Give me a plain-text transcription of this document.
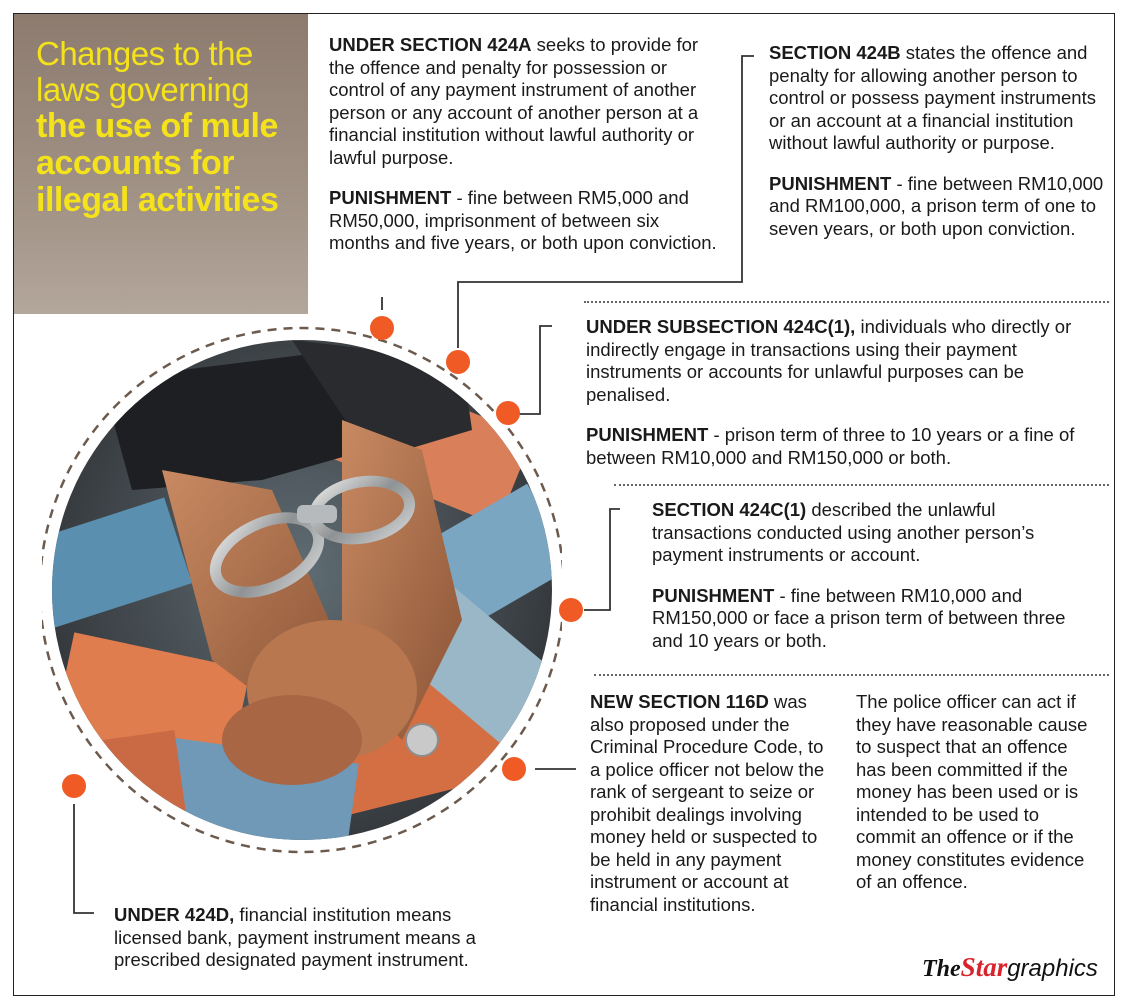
Changes to the laws governing
the use of mule accounts for illegal activities

UNDER SECTION 424A seeks to provide for the offence and penalty for possession or control of any payment instrument of another person or any account of another person at a financial institution without lawful authority or lawful purpose.

PUNISHMENT - fine between RM5,000 and RM50,000, imprisonment of between six months and five years, or both upon conviction.

SECTION 424B states the offence and penalty for allowing another person to control or possess payment instruments or an account at a financial institution without lawful authority or purpose.

PUNISHMENT - fine between RM10,000 and RM100,000, a prison term of one to seven years, or both upon conviction.

UNDER SUBSECTION 424C(1), individuals who directly or indirectly engage in transactions using their payment instruments or accounts for unlawful purposes can be penalised.

PUNISHMENT - prison term of three to 10 years or a fine of between RM10,000 and RM150,000 or both.

SECTION 424C(1) described the unlawful transactions conducted using another person’s payment instruments or account.

PUNISHMENT - fine between RM10,000 and RM150,000 or face a prison term of between three and 10 years or both.

NEW SECTION 116D was also proposed under the Criminal Procedure Code, to a police officer not below the rank of sergeant to seize or prohibit dealings involving money held or suspected to be held in any payment instrument or account at financial institutions.

The police officer can act if they have reasonable cause to suspect that an offence has been committed if the money has been used or is intended to be used to commit an offence or if the money constitutes evidence of an offence.

UNDER 424D, financial institution means licensed bank, payment instrument means a prescribed designated payment instrument.	TheStargraphics
